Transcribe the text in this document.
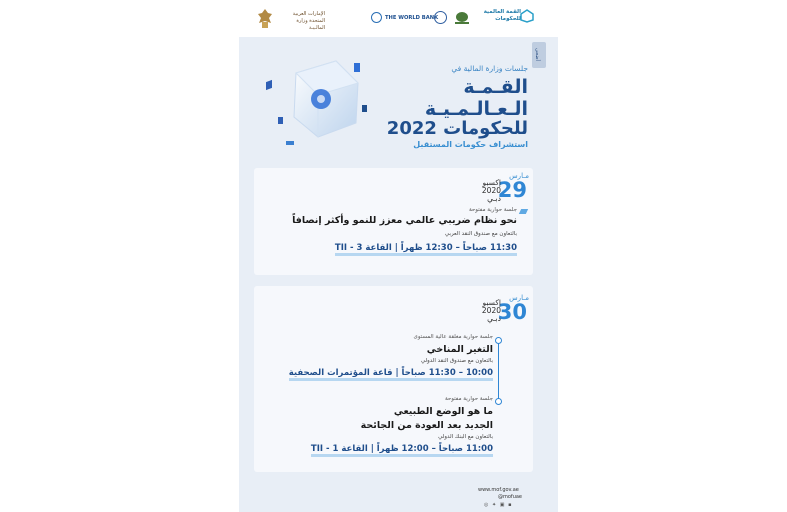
الإمارات العربية المتحدة وزارة المالـيـة
THE WORLD BANK
القمة العالمية للحكومات
أضحى
جلسات وزارة المالية في
القـمـة
الـعـالـمـيـة
للحكومات 2022
استشراف حكومات المستقبل
مـارس
29
إكسبو 2020 دبـي
جلسة حوارية مفتوحة
نحو نظام ضريبي عالمي معزز للنمو وأكثر إنصافاً
بالتعاون مع صندوق النقد العربي
11:30 صباحاً – 12:30 ظهراً | القاعة 3 - TII
مـارس
30
إكسبو 2020 دبـي
جلسة حوارية مغلقة عالية المستوى
التغير المناخي
بالتعاون مع صندوق النقد الدولي
10:00 – 11:30 صباحاً | قاعة المؤتمرات الصحفية
جلسة حوارية مفتوحة
ما هو الوضع الطبيعي
الجديد بعد العودة من الجائحة
بالتعاون مع البنك الدولي
11:00 صباحاً – 12:00 ظهراً | القاعة 1 - TII
www.mof.gov.ae
@mofuae
◎ ✦ ▣ ▪
